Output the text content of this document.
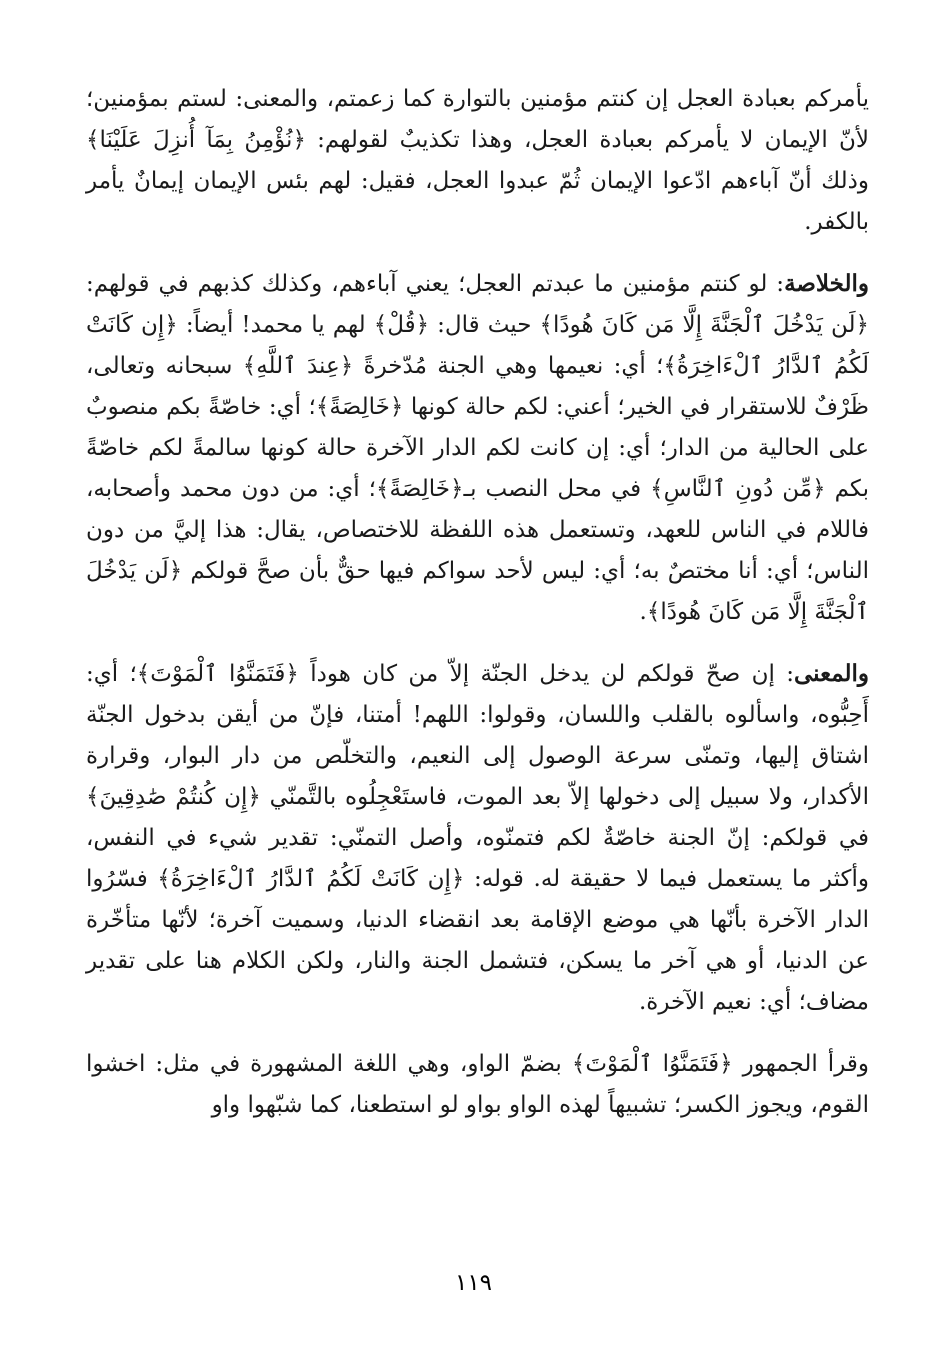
يأمركم بعبادة العجل إن كنتم مؤمنين بالتوارة كما زعمتم، والمعنى: لستم بمؤمنين؛ لأنّ الإيمان لا يأمركم بعبادة العجل، وهذا تكذيبٌ لقولهم: ﴿نُؤْمِنُ بِمَآ أُنزِلَ عَلَيْنَا﴾ وذلك أنّ آباءهم ادّعوا الإيمان ثُمّ عبدوا العجل، فقيل: لهم بئس الإيمان إيمانٌ يأمر بالكفر.

والخلاصة: لو كنتم مؤمنين ما عبدتم العجل؛ يعني آباءهم، وكذلك كذبهم في قولهم: ﴿لَن يَدْخُلَ ٱلْجَنَّةَ إِلَّا مَن كَانَ هُودًا﴾ حيث قال: ﴿قُلْ﴾ لهم يا محمد! أيضاً: ﴿إِن كَانَتْ لَكُمُ ٱلدَّارُ ٱلْءَاخِرَةُ﴾؛ أي: نعيمها وهي الجنة مُدّخرةً ﴿عِندَ ٱللَّهِ﴾ سبحانه وتعالى، ظَرْفٌ للاستقرار في الخير؛ أعني: لكم حالة كونها ﴿خَالِصَةً﴾؛ أي: خاصّةً بكم منصوبٌ على الحالية من الدار؛ أي: إن كانت لكم الدار الآخرة حالة كونها سالمةً لكم خاصّةً بكم ﴿مِّن دُونِ ٱلنَّاسِ﴾ في محل النصب بـ﴿خَالِصَةً﴾؛ أي: من دون محمد وأصحابه، فاللام في الناس للعهد، وتستعمل هذه اللفظة للاختصاص، يقال: هذا إليَّ من دون الناس؛ أي: أنا مختصٌ به؛ أي: ليس لأحد سواكم فيها حقٌّ بأن صحَّ قولكم ﴿لَن يَدْخُلَ ٱلْجَنَّةَ إِلَّا مَن كَانَ هُودًا﴾.

والمعنى: إن صحّ قولكم لن يدخل الجنّة إلاّ من كان هوداً ﴿فَتَمَنَّوُا ٱلْمَوْتَ﴾؛ أي: أَحِبُّوه، واسألوه بالقلب واللسان، وقولوا: اللهم! أمتنا، فإنّ من أيقن بدخول الجنّة اشتاق إليها، وتمنّى سرعة الوصول إلى النعيم، والتخلّص من دار البوار، وقرارة الأكدار، ولا سبيل إلى دخولها إلاّ بعد الموت، فاستَعْجِلُوه بالتَّمنّي ﴿إِن كُنتُمْ صَٰدِقِينَ﴾ في قولكم: إنّ الجنة خاصّةٌ لكم فتمنّوه، وأصل التمنّي: تقدير شيء في النفس، وأكثر ما يستعمل فيما لا حقيقة له. قوله: ﴿إِن كَانَتْ لَكُمُ ٱلدَّارُ ٱلْءَاخِرَةُ﴾ فسّرُوا الدار الآخرة بأنّها هي موضع الإقامة بعد انقضاء الدنيا، وسميت آخرة؛ لأنّها متأخّرة عن الدنيا، أو هي آخر ما يسكن، فتشمل الجنة والنار، ولكن الكلام هنا على تقدير مضاف؛ أي: نعيم الآخرة.

وقرأ الجمهور ﴿فَتَمَنَّوُا ٱلْمَوْتَ﴾ بضمّ الواو، وهي اللغة المشهورة في مثل: اخشوا القوم، ويجوز الكسر؛ تشبيهاً لهذه الواو بواو لو استطعنا، كما شبّهوا واو

١١٩
